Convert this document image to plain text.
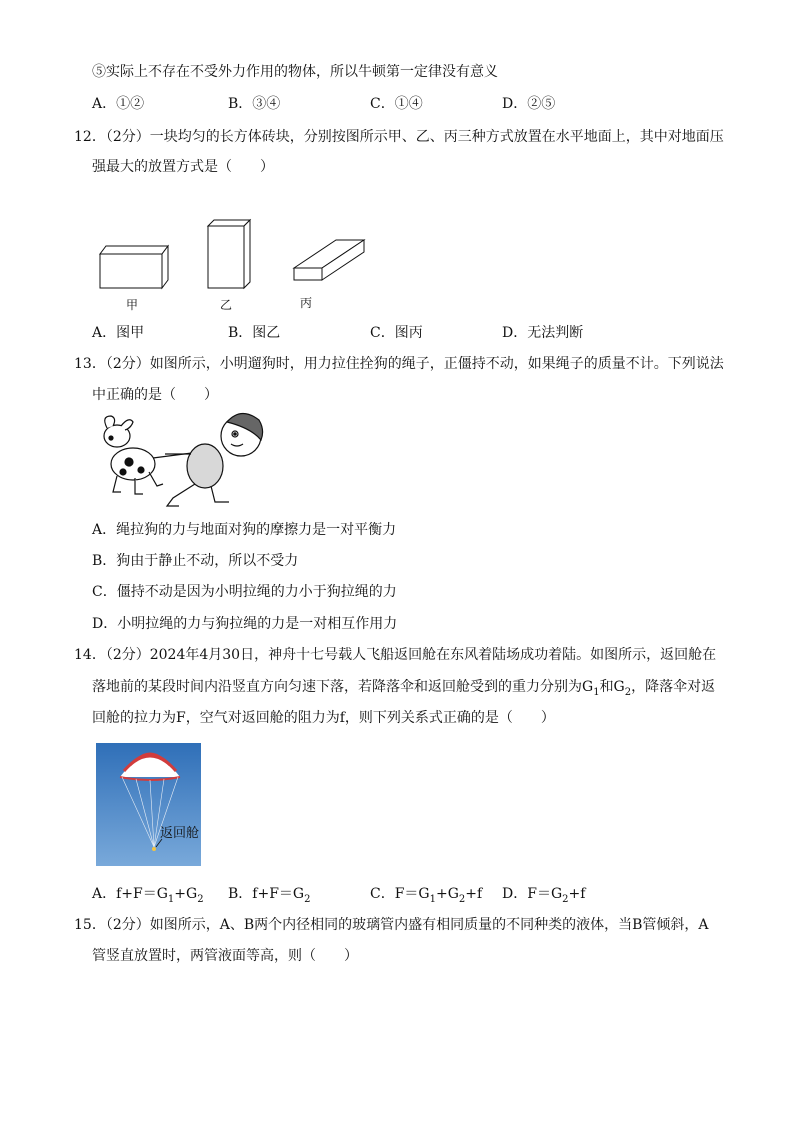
⑤实际上不存在不受外力作用的物体，所以牛顿第一定律没有意义
A．①②	B．③④	C．①④	D．②⑤
12．（2分）一块均匀的长方体砖块，分别按图所示甲、乙、丙三种方式放置在水平地面上，其中对地面压
强最大的放置方式是（　　）
甲	乙	丙
A．图甲	B．图乙	C．图丙	D．无法判断
13．（2分）如图所示，小明遛狗时，用力拉住拴狗的绳子，正僵持不动，如果绳子的质量不计。下列说法
中正确的是（　　）
A．绳拉狗的力与地面对狗的摩擦力是一对平衡力
B．狗由于静止不动，所以不受力
C．僵持不动是因为小明拉绳的力小于狗拉绳的力
D．小明拉绳的力与狗拉绳的力是一对相互作用力
14．（2分）2024年4月30日，神舟十七号载人飞船返回舱在东风着陆场成功着陆。如图所示，返回舱在
落地前的某段时间内沿竖直方向匀速下落，若降落伞和返回舱受到的重力分别为$G_1$和$G_2$，降落伞对返
回舱的拉力为F，空气对返回舱的阻力为f，则下列关系式正确的是（　　）
返回舱
A．$f+F=G_1+G_2$ B．$f+F=G_2$	C．$F=G_1+G_2+f$ D．$F=G_2+f$
15．（2分）如图所示，A、B两个内径相同的玻璃管内盛有相同质量的不同种类的液体，当B管倾斜，A
管竖直放置时，两管液面等高，则（　　）
